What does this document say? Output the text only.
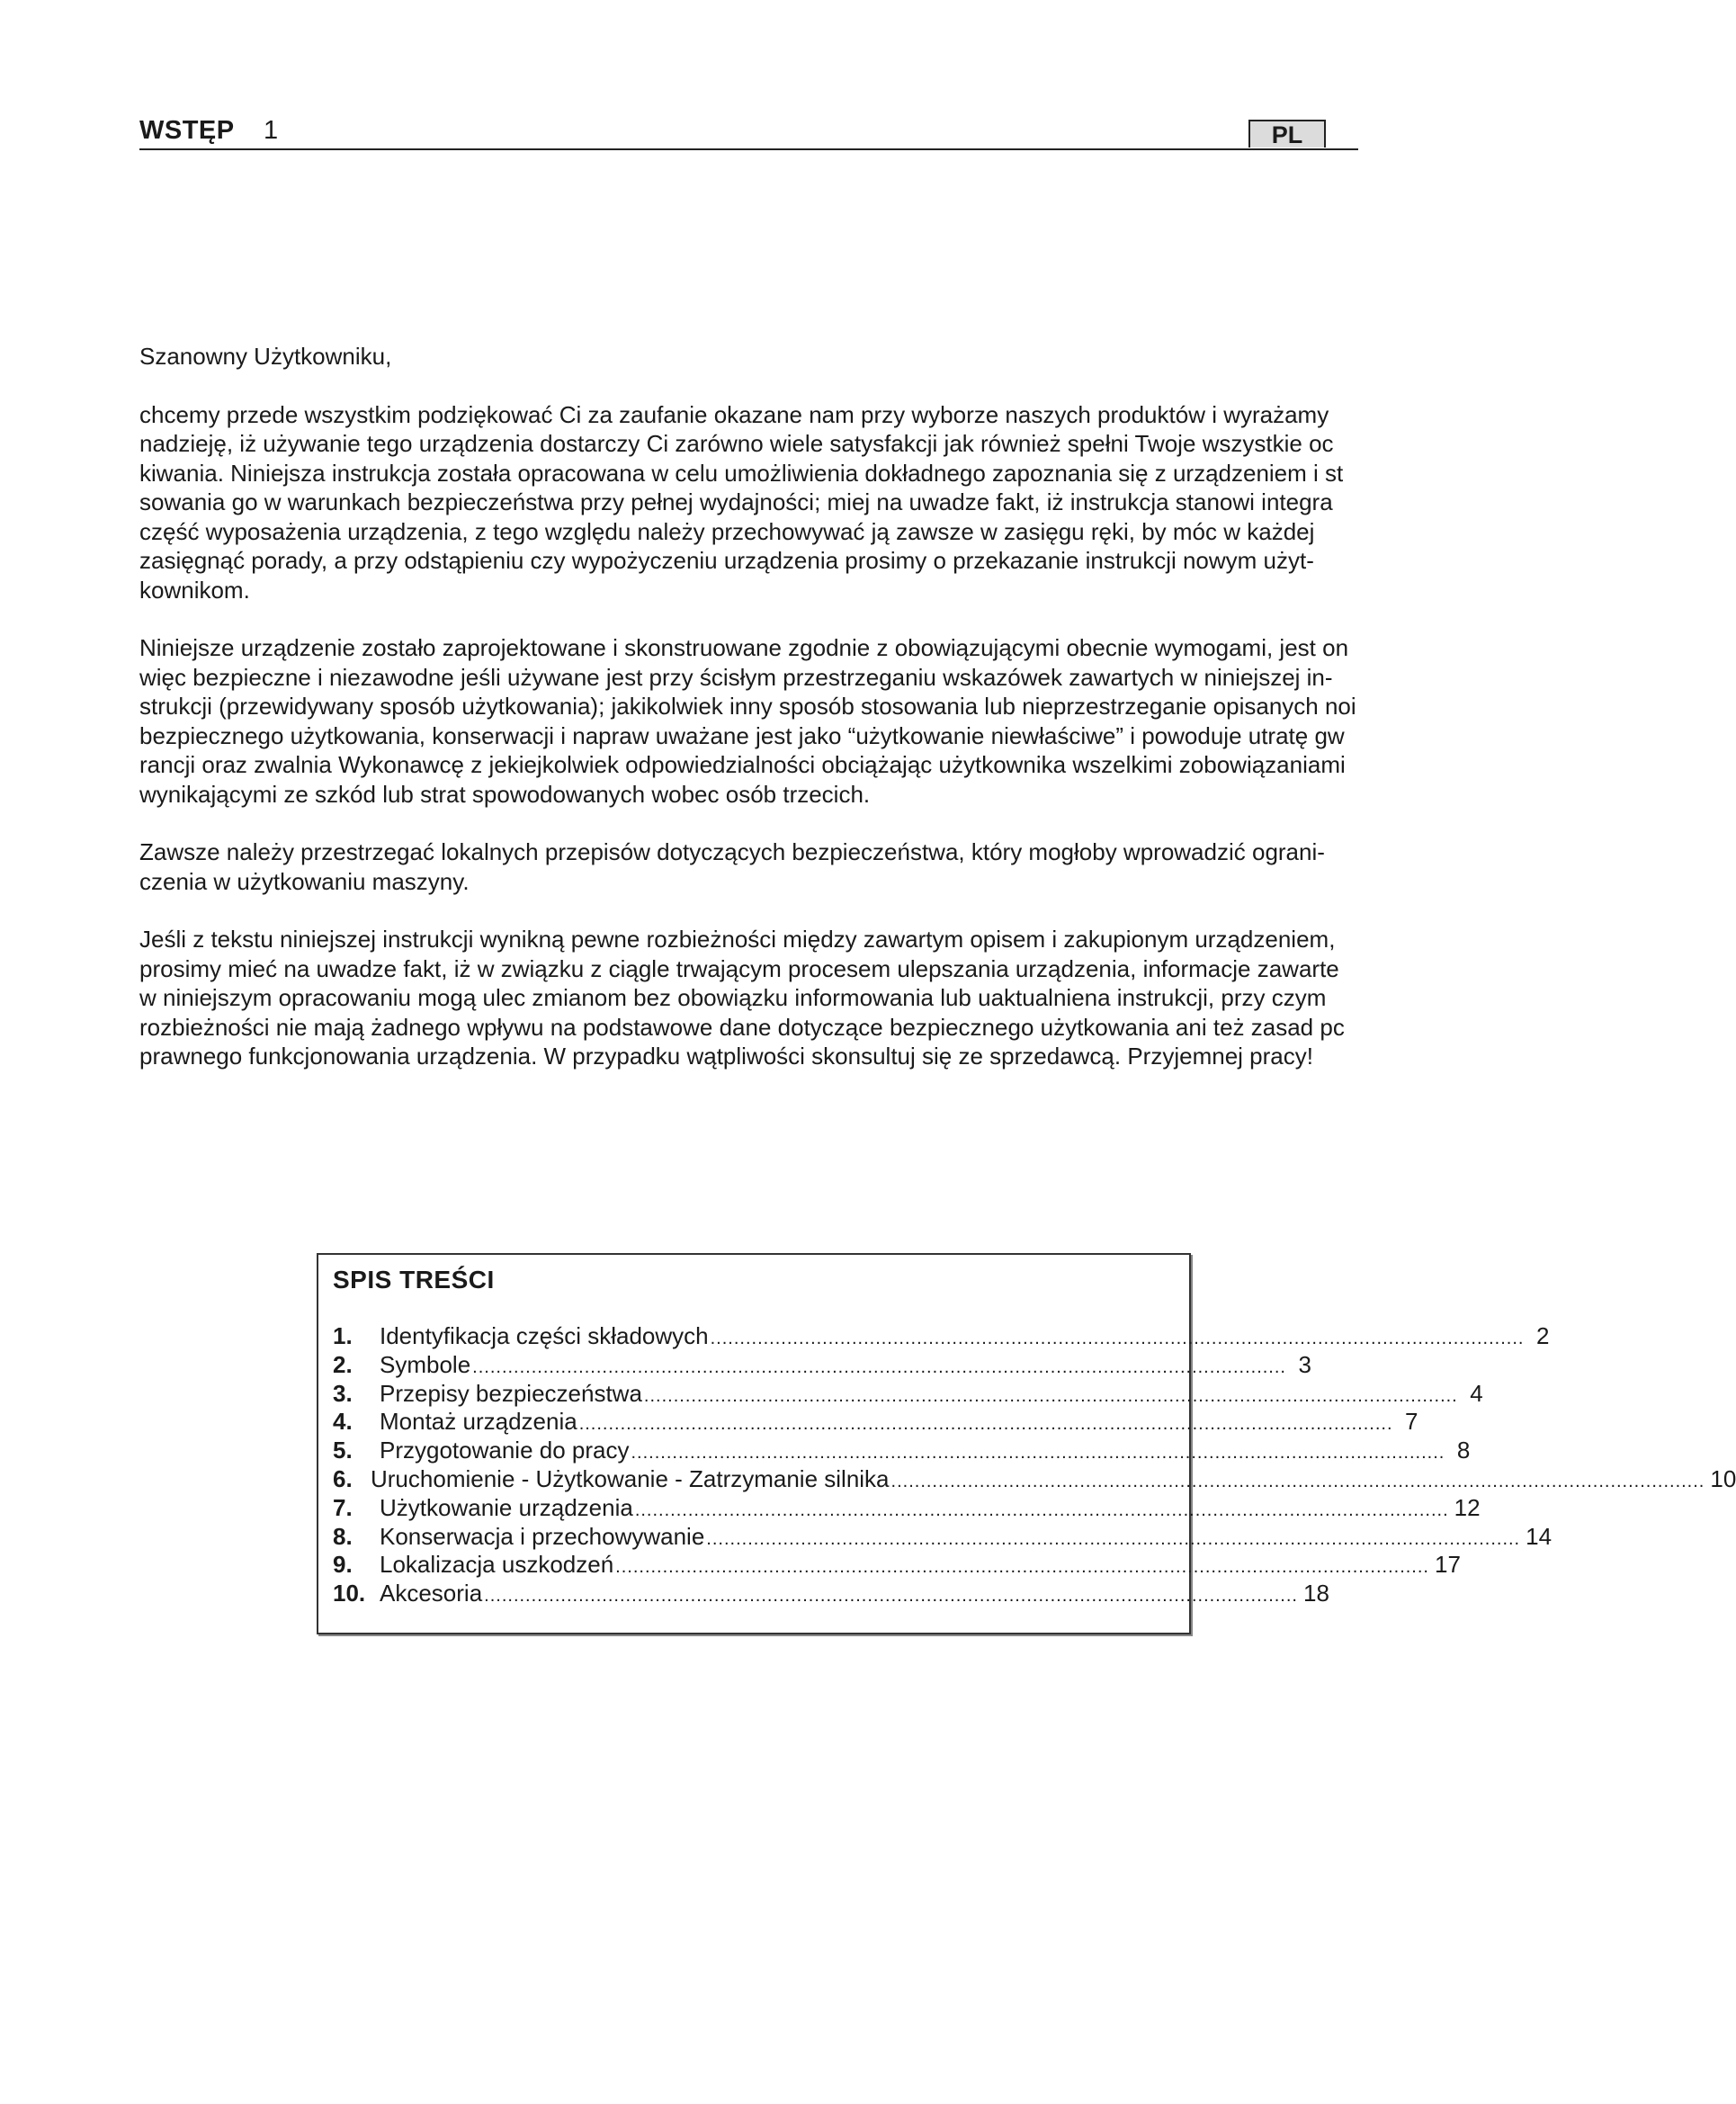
WSTĘP 1	PL

Szanowny Użytkowniku,

chcemy przede wszystkim podziękować Ci za zaufanie okazane nam przy wyborze naszych produktów i wyrażamy
nadzieję, iż używanie tego urządzenia dostarczy Ci zarówno wiele satysfakcji jak również spełni Twoje wszystkie oc
kiwania. Niniejsza instrukcja została opracowana w celu umożliwienia dokładnego zapoznania się z urządzeniem i st
sowania go w warunkach bezpieczeństwa przy pełnej wydajności; miej na uwadze fakt, iż instrukcja stanowi integra
część wyposażenia urządzenia, z tego względu należy przechowywać ją zawsze w zasięgu ręki, by móc w każdej
zasięgnąć porady, a przy odstąpieniu czy wypożyczeniu urządzenia prosimy o przekazanie instrukcji nowym użyt-
kownikom.
Niniejsze urządzenie zostało zaprojektowane i skonstruowane zgodnie z obowiązującymi obecnie wymogami, jest on
więc bezpieczne i niezawodne jeśli używane jest przy ścisłym przestrzeganiu wskazówek zawartych w niniejszej in-
strukcji (przewidywany sposób użytkowania); jakikolwiek inny sposób stosowania lub nieprzestrzeganie opisanych noi
bezpiecznego użytkowania, konserwacji i napraw uważane jest jako “użytkowanie niewłaściwe” i powoduje utratę gw
rancji oraz zwalnia Wykonawcę z jekiejkolwiek odpowiedzialności obciążając użytkownika wszelkimi zobowiązaniami
wynikającymi ze szkód lub strat spowodowanych wobec osób trzecich.
Zawsze należy przestrzegać lokalnych przepisów dotyczących bezpieczeństwa, który mogłoby wprowadzić ograni-
czenia w użytkowaniu maszyny.
Jeśli z tekstu niniejszej instrukcji wynikną pewne rozbieżności między zawartym opisem i zakupionym urządzeniem,
prosimy mieć na uwadze fakt, iż w związku z ciągle trwającym procesem ulepszania urządzenia, informacje zawarte
w niniejszym opracowaniu mogą ulec zmianom bez obowiązku informowania lub uaktualniena instrukcji, przy czym
rozbieżności nie mają żadnego wpływu na podstawowe dane dotyczące bezpiecznego użytkowania ani też zasad pc
prawnego funkcjonowania urządzenia. W przypadku wątpliwości skonsultuj się ze sprzedawcą. Przyjemnej pracy!
SPIS TREŚCI
1.	Identyfikacja części składowych .......................................................................................................................................... 2
2.	Symbole .......................................................................................................................................... 3
3.	Przepisy bezpieczeństwa .......................................................................................................................................... 4
4.	Montaż urządzenia .......................................................................................................................................... 7
5.	Przygotowanie do pracy .......................................................................................................................................... 8
6. Uruchomienie - Użytkowanie - Zatrzymanie silnika .......................................................................................................................................... 10
7.	Użytkowanie urządzenia .......................................................................................................................................... 12
8.	Konserwacja i przechowywanie .......................................................................................................................................... 14
9.	Lokalizacja uszkodzeń .......................................................................................................................................... 17
10. Akcesoria .......................................................................................................................................... 18
